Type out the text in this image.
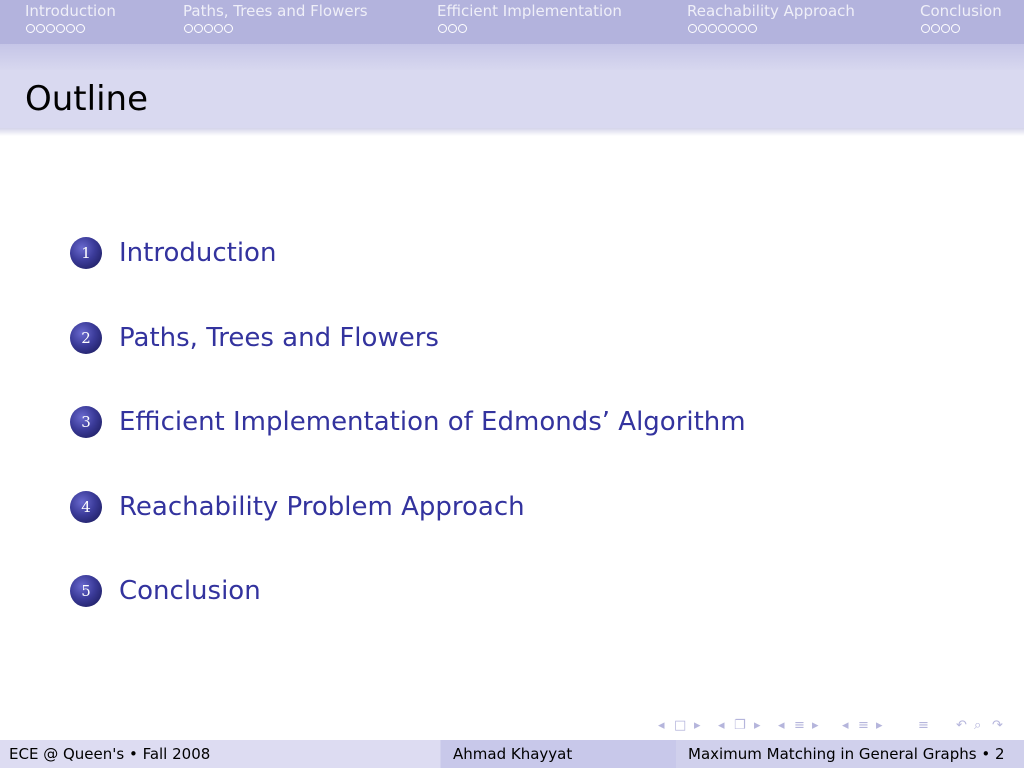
Introduction	Paths, Trees and Flowers	Efficient Implementation	Reachability Approach	Conclusion
Outline
1	Introduction
2	Paths, Trees and Flowers
3	Efficient Implementation of Edmonds’ Algorithm
4	Reachability Problem Approach
5	Conclusion
◂ □ ▸ ◂ ❐ ▸ ◂ ≡ ▸ ◂ ≡ ▸	≡ ↶ ⌕ ↷
ECE @ Queen's • Fall 2008	Ahmad Khayyat	Maximum Matching in General Graphs • 2
